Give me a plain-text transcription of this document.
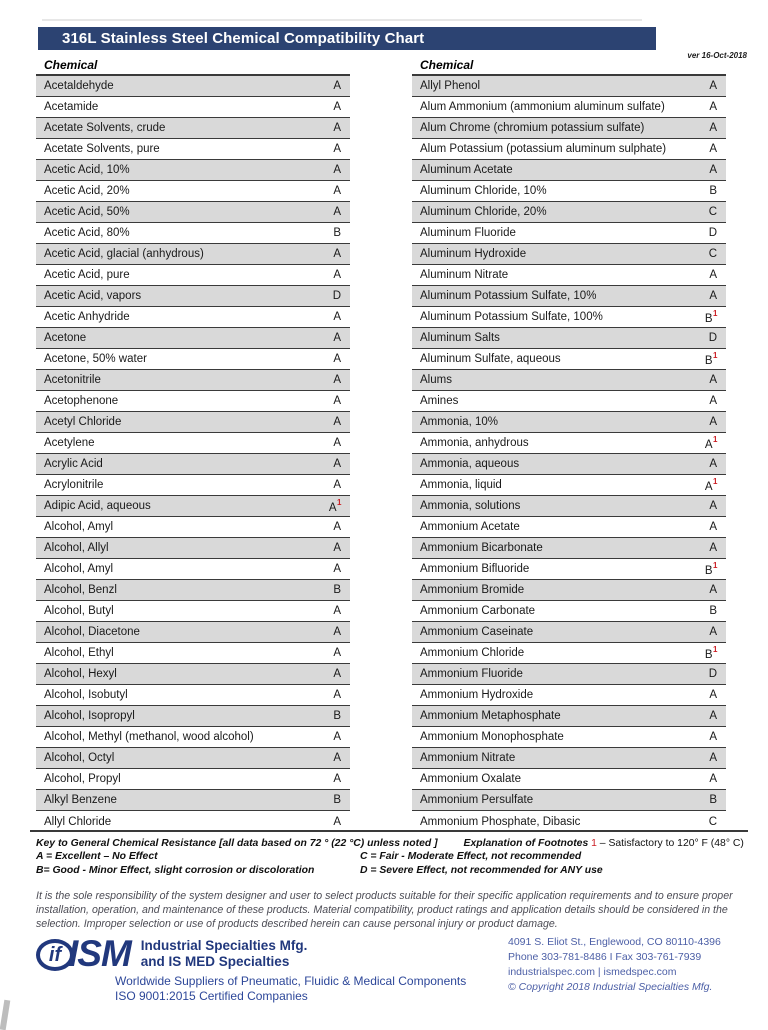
316L Stainless Steel Chemical Compatibility Chart
ver 16-Oct-2018
Chemical
Acetaldehyde	A
Acetamide	A
Acetate Solvents, crude	A
Acetate Solvents, pure	A
Acetic Acid, 10%	A
Acetic Acid, 20%	A
Acetic Acid, 50%	A
Acetic Acid, 80%	B
Acetic Acid, glacial (anhydrous)	A
Acetic Acid, pure	A
Acetic Acid, vapors	D
Acetic Anhydride	A
Acetone	A
Acetone, 50% water	A
Acetonitrile	A
Acetophenone	A
Acetyl Chloride	A
Acetylene	A
Acrylic Acid	A
Acrylonitrile	A
Adipic Acid, aqueous	A$^1$
Alcohol, Amyl	A
Alcohol, Allyl	A
Alcohol, Amyl	A
Alcohol, Benzl	B
Alcohol, Butyl	A
Alcohol, Diacetone	A
Alcohol, Ethyl	A
Alcohol, Hexyl	A
Alcohol, Isobutyl	A
Alcohol, Isopropyl	B
Alcohol, Methyl (methanol, wood alcohol)	A
Alcohol, Octyl	A
Alcohol, Propyl	A
Alkyl Benzene	B
Allyl Chloride	A
Chemical
Allyl Phenol	A
Alum Ammonium (ammonium aluminum sulfate)	A
Alum Chrome (chromium potassium sulfate)	A
Alum Potassium (potassium aluminum sulphate)	A
Aluminum Acetate	A
Aluminum Chloride, 10%	B
Aluminum Chloride, 20%	C
Aluminum Fluoride	D
Aluminum Hydroxide	C
Aluminum Nitrate	A
Aluminum Potassium Sulfate, 10%	A
Aluminum Potassium Sulfate, 100%	B$^1$
Aluminum Salts	D
Aluminum Sulfate, aqueous	B$^1$
Alums	A
Amines	A
Ammonia, 10%	A
Ammonia, anhydrous	A$^1$
Ammonia, aqueous	A
Ammonia, liquid	A$^1$
Ammonia, solutions	A
Ammonium Acetate	A
Ammonium Bicarbonate	A
Ammonium Bifluoride	B$^1$
Ammonium Bromide	A
Ammonium Carbonate	B
Ammonium Caseinate	A
Ammonium Chloride	B$^1$
Ammonium Fluoride	D
Ammonium Hydroxide	A
Ammonium Metaphosphate	A
Ammonium Monophosphate	A
Ammonium Nitrate	A
Ammonium Oxalate	A
Ammonium Persulfate	B
Ammonium Phosphate, Dibasic	C
Key to General Chemical Resistance [all data based on 72 ° (22 °C) unless noted ]	Explanation of Footnotes 1 – Satisfactory to 120° F (48° C)
A = Excellent – No Effect	C = Fair - Moderate Effect, not recommended
B= Good - Minor Effect, slight corrosion or discoloration	D = Severe Effect, not recommended for ANY use
It is the sole responsibility of the system designer and user to select products suitable for their specific application requirements and to ensure proper installation, operation, and maintenance of these products. Material compatibility, product ratings and application details should be considered in the selection. Improper selection or use of products described herein can cause personal injury or product damage.
if ISM Industrial Specialties Mfg.
and IS MED Specialties
Worldwide Suppliers of Pneumatic, Fluidic & Medical Components
ISO 9001:2015 Certified Companies
4091 S. Eliot St., Englewood, CO 80110-4396
Phone 303-781-8486 I Fax 303-761-7939
industrialspec.com | ismedspec.com
© Copyright 2018 Industrial Specialties Mfg.
